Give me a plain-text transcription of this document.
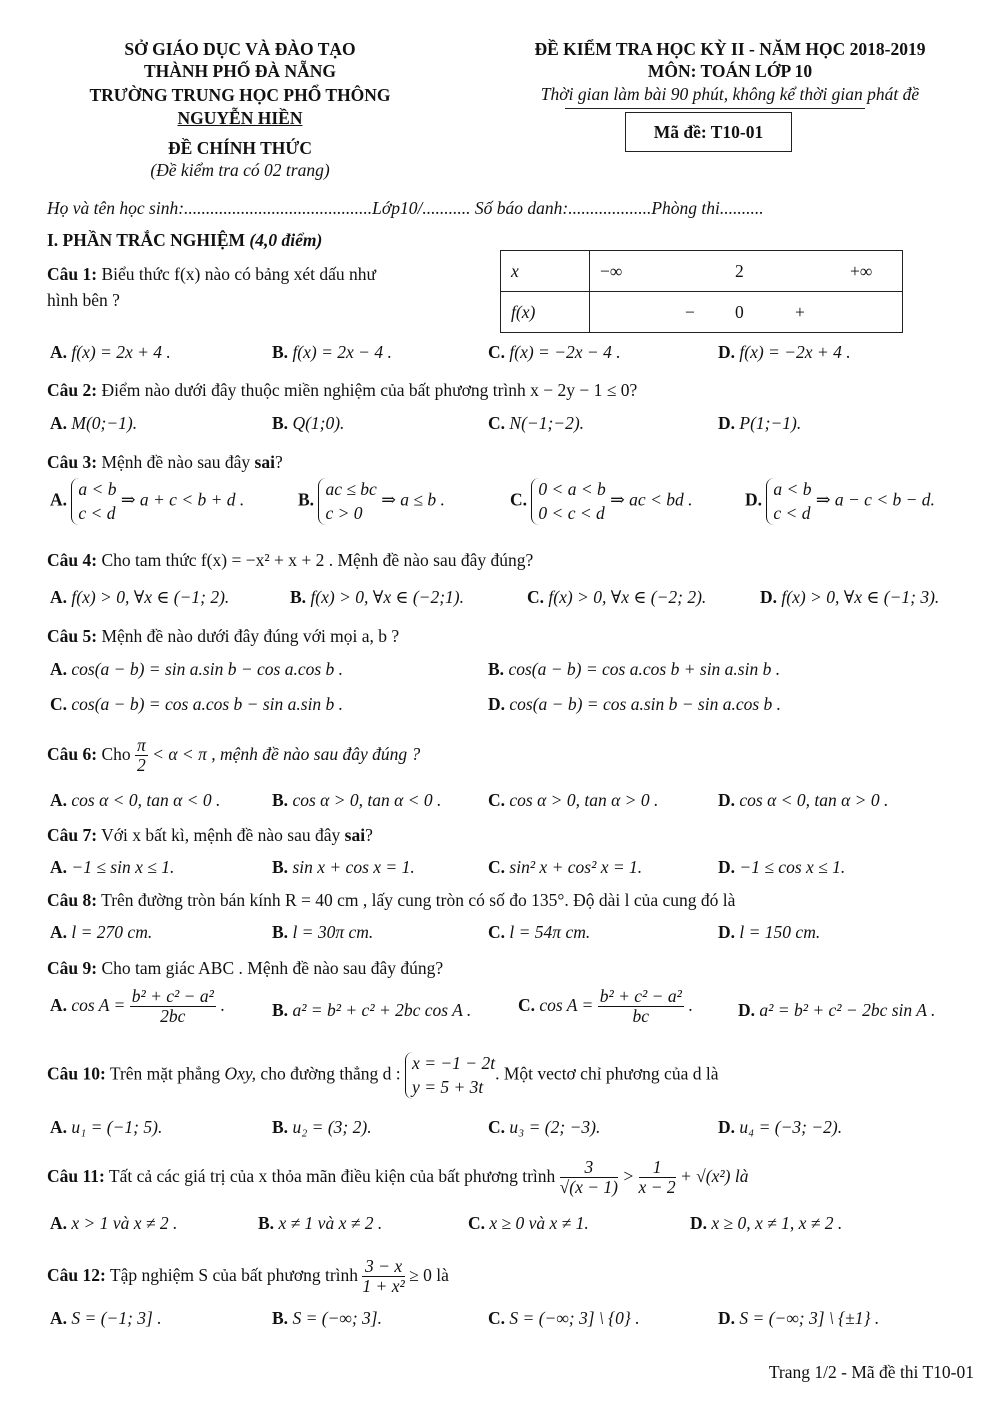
SỞ GIÁO DỤC VÀ ĐÀO TẠO
THÀNH PHỐ ĐÀ NẴNG
TRƯỜNG TRUNG HỌC PHỔ THÔNG
NGUYỄN HIỀN
ĐỀ CHÍNH THỨC
(Đề kiểm tra có 02 trang)
ĐỀ KIỂM TRA HỌC KỲ II - NĂM HỌC 2018-2019
MÔN: TOÁN LỚP 10
Thời gian làm bài 90 phút, không kể thời gian phát đề
Mã đề: T10-01
Họ và tên học sinh:...........................................Lớp10/........... Số báo danh:...................Phòng thi..........
I. PHẦN TRẮC NGHIỆM (4,0 điểm)
Câu 1: Biểu thức f(x) nào có bảng xét dấu như
hình bên ?
x	−∞ 2 +∞

f(x)	− 0 +
A. f(x) = 2x + 4 .	B. f(x) = 2x − 4 .	C. f(x) = −2x − 4 .	D. f(x) = −2x + 4 .
Câu 2: Điểm nào dưới đây thuộc miền nghiệm của bất phương trình x − 2y − 1 ≤ 0?
A. M(0;−1).	B. Q(1;0).	C. N(−1;−2).	D. P(1;−1).
Câu 3: Mệnh đề nào sau đây sai?
A.
a < b
c < d
⇒ a + c < b + d .	B.
ac ≤ bc
c > 0
⇒ a ≤ b .	C.
0 < a < b
0 < c < d
⇒ ac < bd .	D.
a < b
c < d
⇒ a − c < b − d.
Câu 4: Cho tam thức f(x) = −x² + x + 2 . Mệnh đề nào sau đây đúng?
A. f(x) > 0, ∀x ∈ (−1; 2).	B. f(x) > 0, ∀x ∈ (−2;1).	C. f(x) > 0, ∀x ∈ (−2; 2).	D. f(x) > 0, ∀x ∈ (−1; 3).
Câu 5: Mệnh đề nào dưới đây đúng với mọi a, b ?
A. cos(a − b) = sin a.sin b − cos a.cos b .	B. cos(a − b) = cos a.cos b + sin a.sin b .
C. cos(a − b) = cos a.cos b − sin a.sin b .	D. cos(a − b) = cos a.sin b − sin a.cos b .
Câu 6: Cho $\frac{\pi}{2} < \alpha < \pi$ , mệnh đề nào sau đây đúng ?
A. cos α < 0, tan α < 0 .	B. cos α > 0, tan α < 0 .	C. cos α > 0, tan α > 0 .	D. cos α < 0, tan α > 0 .
Câu 7: Với x bất kì, mệnh đề nào sau đây sai?
A. −1 ≤ sin x ≤ 1.	B. sin x + cos x = 1.	C. sin² x + cos² x = 1.	D. −1 ≤ cos x ≤ 1.
Câu 8: Trên đường tròn bán kính R = 40 cm , lấy cung tròn có số đo 135°. Độ dài l của cung đó là
A. l = 270 cm.	B. l = 30π cm.	C. l = 54π cm.	D. l = 150 cm.
Câu 9: Cho tam giác ABC . Mệnh đề nào sau đây đúng?
A. $\cos A = \frac{\text{b² + c² − a²}}{2bc}$ .	B. a² = b² + c² + 2bc cos A .	C. $\cos A = \frac{\text{b² + c² − a²}}{bc}$ .	D. a² = b² + c² − 2bc sin A .
Câu 10: Trên mặt phẳng Oxy, cho đường thẳng d :
x = −1 − 2t
y = 5 + 3t
. Một vectơ chỉ phương của d là
A. u₁ = (−1; 5).	B. u₂ = (3; 2).	C. u₃ = (2; −3).	D. u₄ = (−3; −2).
Câu 11: Tất cả các giá trị của x thỏa mãn điều kiện của bất phương trình $\frac{3}{√(x - 1)} > \frac{1}{x - 2} + √(x^2)$ là
A. x > 1 và x ≠ 2 .	B. x ≠ 1 và x ≠ 2 .	C. x ≥ 0 và x ≠ 1.	D. x ≥ 0, x ≠ 1, x ≠ 2 .
Câu 12: Tập nghiệm S của bất phương trình $\frac{3 - x}{\text{1 + x²}} \ge 0$ là
A. S = (−1; 3] .	B. S = (−∞; 3].	C. S = (−∞; 3] \ {0} .	D. S = (−∞; 3] \ {±1} .
Trang 1/2 - Mã đề thi T10-01
